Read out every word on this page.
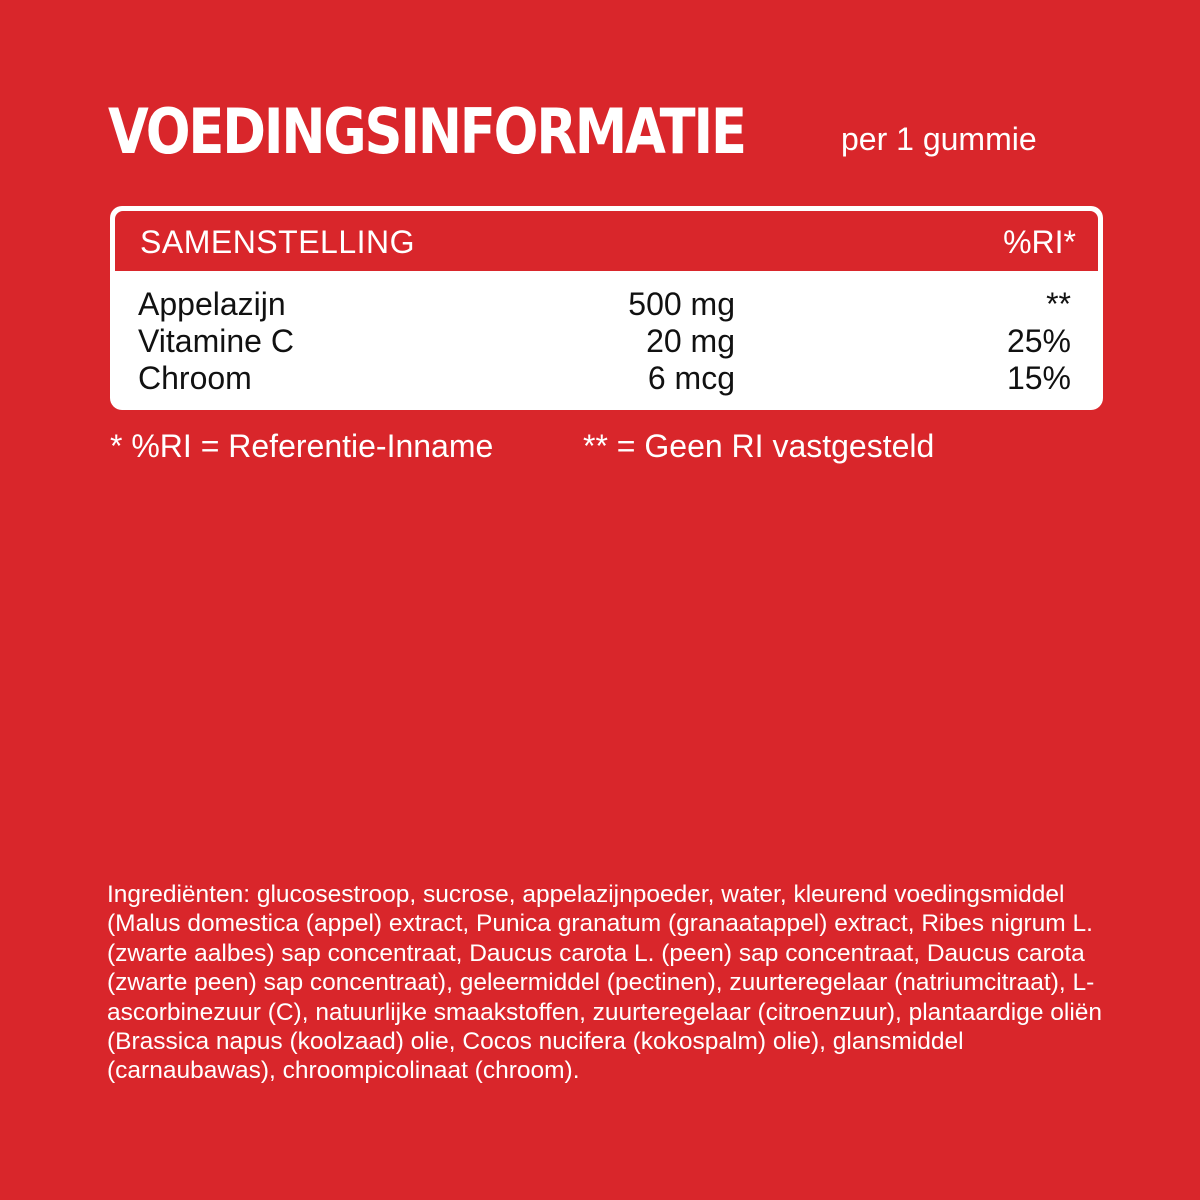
VOEDINGSINFORMATIE	per 1 gummie
SAMENSTELLING	%RI*
Appelazijn	500 mg	**
Vitamine C	20 mg	25%
Chroom	6 mcg	15%
* %RI = Referentie-Inname	** = Geen RI vastgesteld
Ingrediënten: glucosestroop, sucrose, appelazijnpoeder, water, kleurend voedingsmiddel (Malus domestica (appel) extract, Punica granatum (granaatappel) extract, Ribes nigrum L. (zwarte aalbes) sap concentraat, Daucus carota L. (peen) sap concentraat, Daucus carota (zwarte peen) sap concentraat), geleermiddel (pectinen), zuurteregelaar (natriumcitraat), L-ascorbinezuur (C), natuurlijke smaakstoffen, zuurteregelaar (citroenzuur), plantaardige oliën (Brassica napus (koolzaad) olie, Cocos nucifera (kokospalm) olie), glansmiddel (carnaubawas), chroompicolinaat (chroom).
